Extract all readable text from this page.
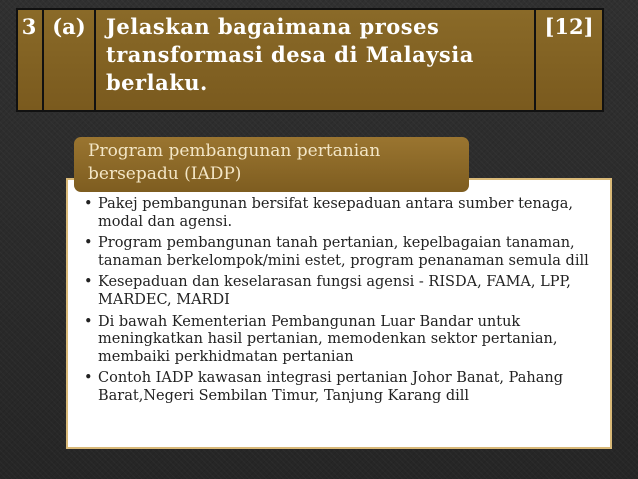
3 (a) Jelaskan bagaimana proses transformasi desa di Malaysia berlaku.
[12]
Program pembangunan pertanian bersepadu (IADP)
• Pakej pembangunan bersifat kesepaduan antara sumber tenaga, modal dan agensi.
• Program pembangunan tanah pertanian, kepelbagaian tanaman, tanaman berkelompok/mini estet, program penanaman semula dill
• Kesepaduan dan keselarasan fungsi agensi - RISDA, FAMA, LPP, MARDEC, MARDI
• Di bawah Kementerian Pembangunan Luar Bandar untuk meningkatkan hasil pertanian, memodenkan sektor pertanian, membaiki perkhidmatan pertanian
• Contoh IADP kawasan integrasi pertanian Johor Banat, Pahang Barat,Negeri Sembilan Timur, Tanjung Karang dill
